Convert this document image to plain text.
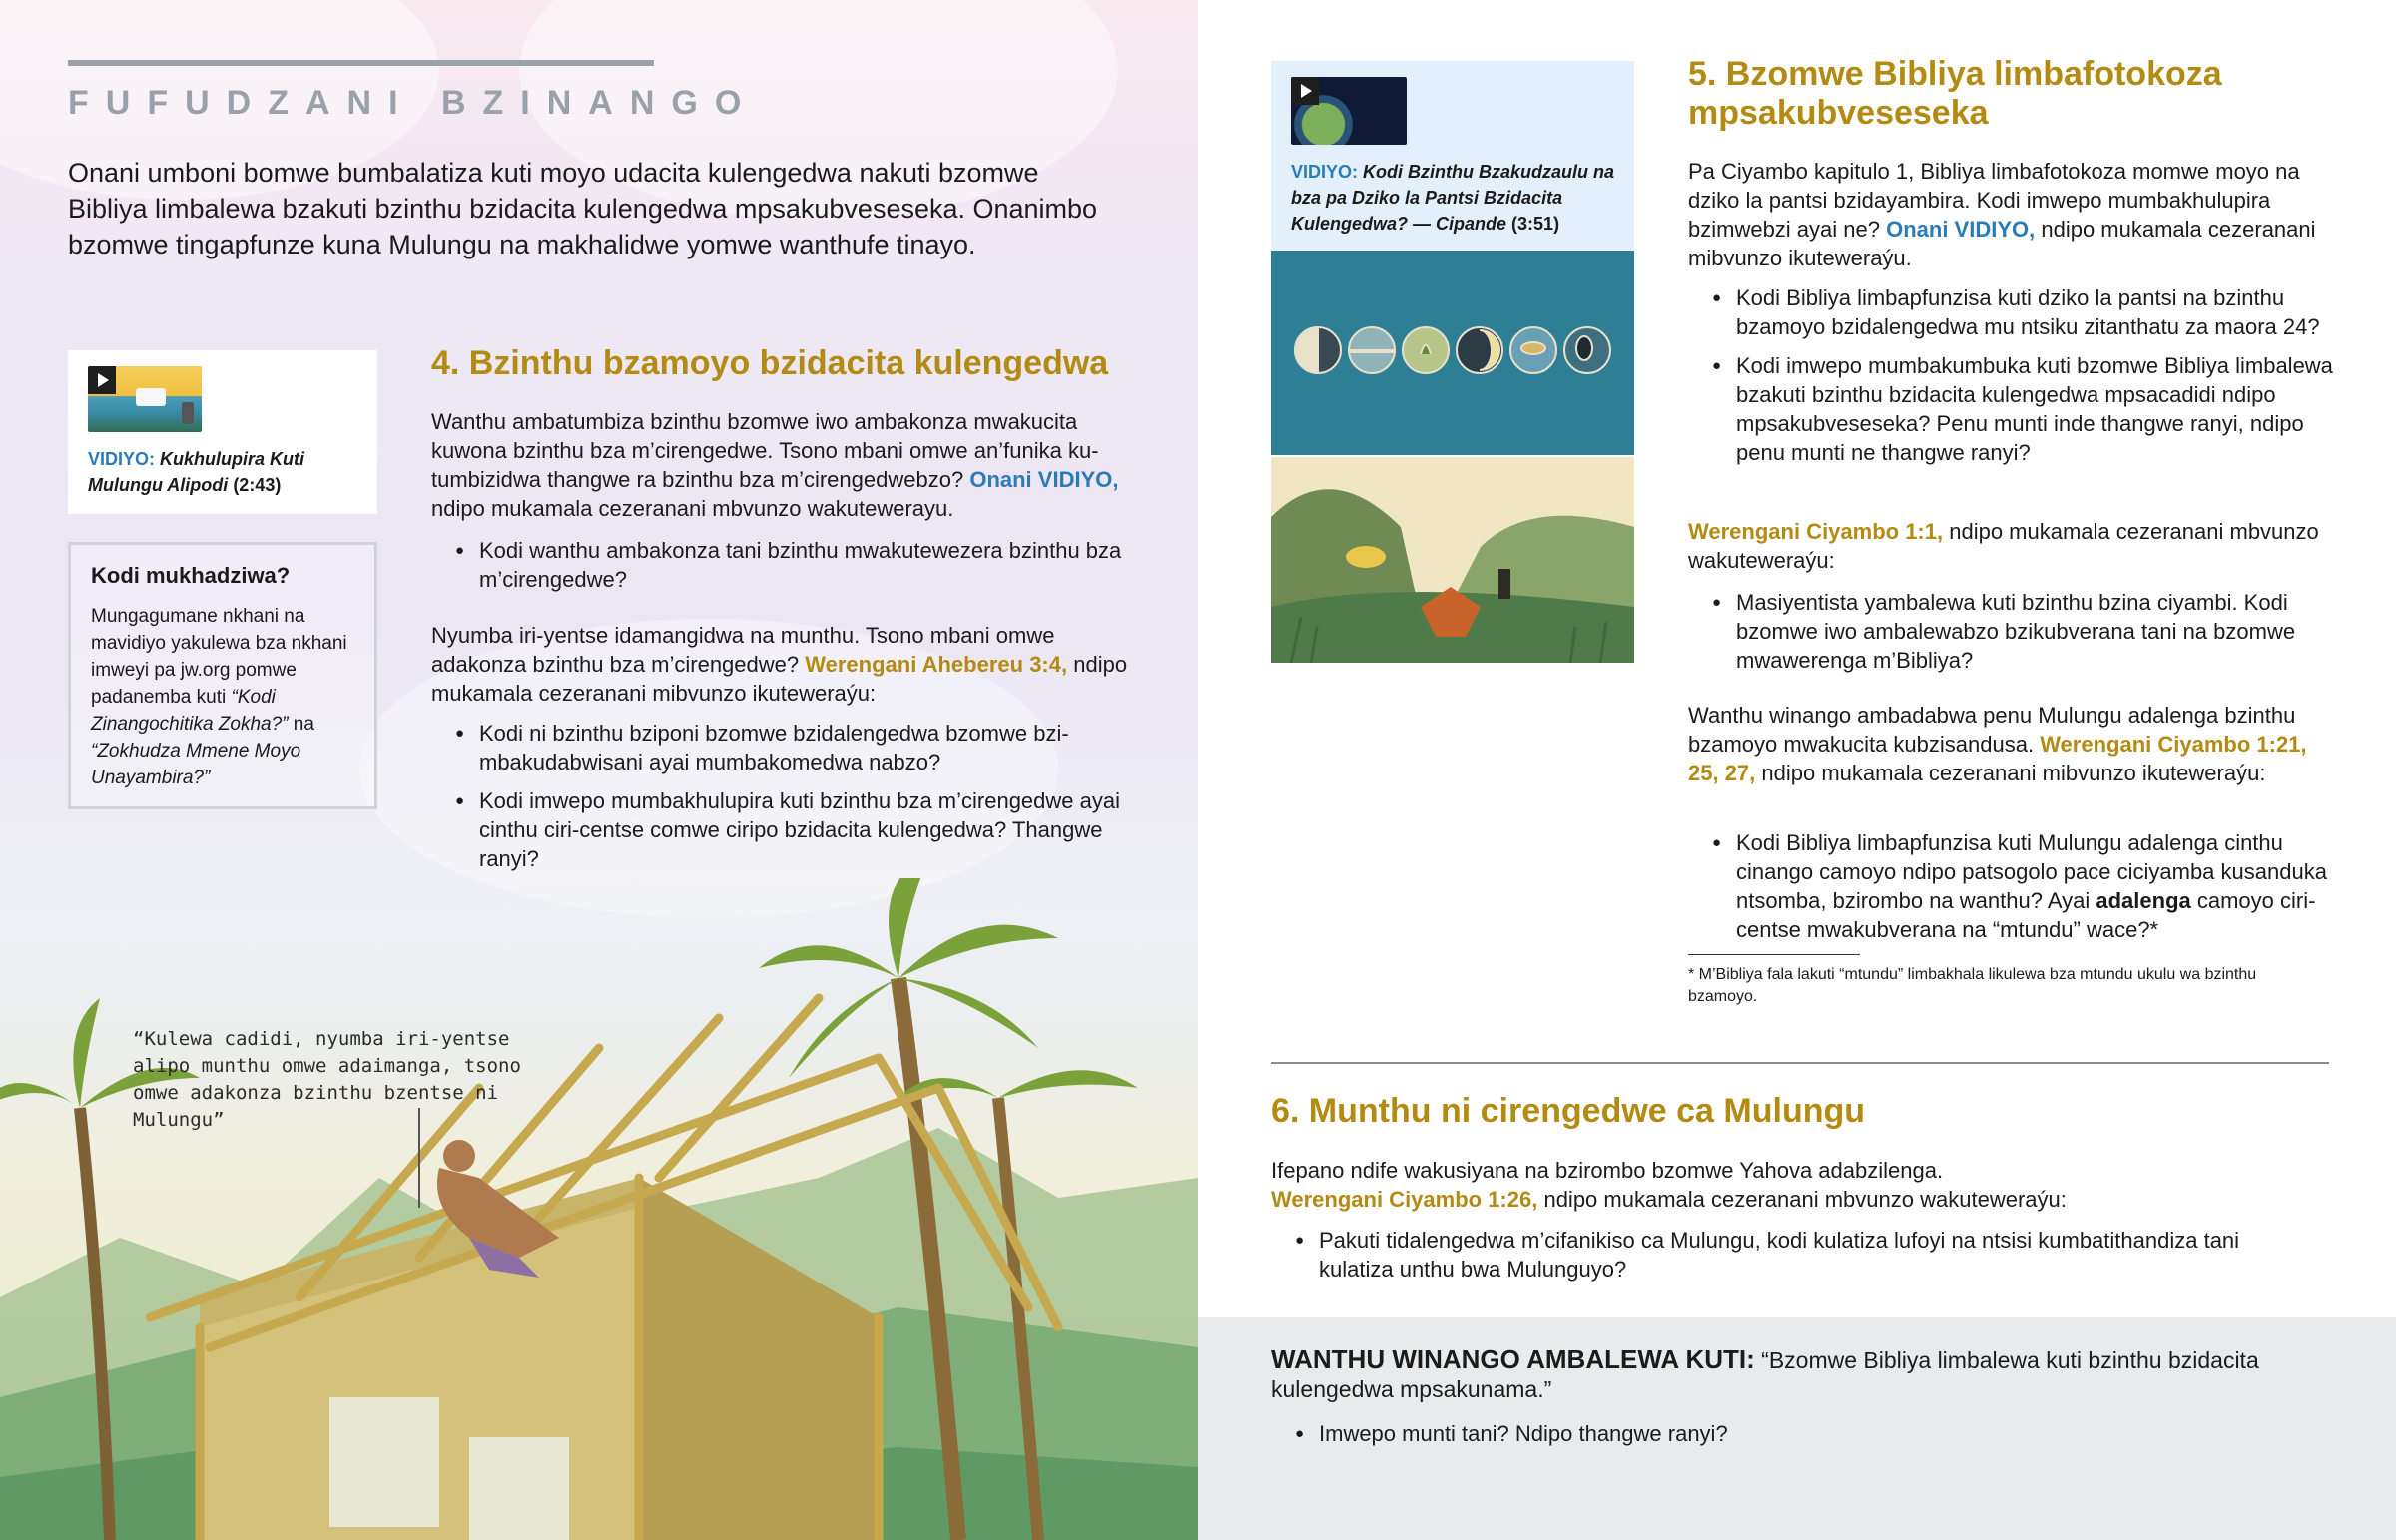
FUFUDZANI BZINANGO

Onani umboni bomwe bumbalatiza kuti moyo udacita kulengedwa nakuti bzomwe Bibliya limbalewa bzakuti bzinthu bzidacita kulengedwa mpsakubveseseka. Onanimbo bzomwe tingapfunze kuna Mulungu na makhalidwe yomwe wanthufe tinayo.

VIDIYO: Kukhulupira Kuti Mulungu Alipodi (2:43)
Kodi mukhadziwa?

Mungagumane nkhani na mavidiyo yakulewa bza nkhani imweyi pa jw.org pomwe padanemba kuti “Kodi Zinangochitika Zokha?” na “Zokhudza Mmene Moyo Unayambira?”

4. Bzinthu bzamoyo bzidacita kulengedwa

Wanthu ambatumbiza bzinthu bzomwe iwo ambakonza mwakucita kuwona bzinthu bza m’cirengedwe. Tsono mbani omwe an’funika kutumbizidwa thangwe ra bzinthu bza m’cirengedwebzo? Onani VIDIYO, ndipo mukamala cezeranani mbvunzo wakutewerayu.

● Kodi wanthu ambakonza tani bzinthu mwakutewezera bzinthu bza m’cirengedwe?

Nyumba iri-yentse idamangidwa na munthu. Tsono mbani omwe adakonza bzinthu bza m’cirengedwe? Werengani Ahebereu 3:4, ndipo mukamala cezeranani mibvunzo ikuteweraýu:

● Kodi ni bzinthu bziponi bzomwe bzidalengedwa bzomwe bzimbakudabwisani ayai mumbakomedwa nabzo?
● Kodi imwepo mumbakhulupira kuti bzinthu bza m’cirengedwe ayai cinthu ciri-centse comwe ciripo bzidacita kulengedwa? Thangwe ranyi?

“Kulewa cadidi, nyumba iri-yentse alipo munthu omwe adaimanga, tsono omwe adakonza bzinthu bzentse ni Mulungu”

VIDIYO: Kodi Bzinthu Bzakudzaulu na bza pa Dziko la Pantsi Bzidacita Kulengedwa? — Cipande (3:51)
5. Bzomwe Bibliya limbafotokoza mpsakubveseseka

Pa Ciyambo kapitulo 1, Bibliya limbafotokoza momwe moyo na dziko la pantsi bzidayambira. Kodi imwepo mumbakhulupira bzimwebzi ayai ne? Onani VIDIYO, ndipo mukamala cezeranani mibvunzo ikuteweraýu.

● Kodi Bibliya limbapfunzisa kuti dziko la pantsi na bzinthu bzamoyo bzidalengedwa mu ntsiku zitanthatu za maora 24?
● Kodi imwepo mumbakumbuka kuti bzomwe Bibliya limbalewa bzakuti bzinthu bzidacita kulengedwa mpsacadidi ndipo mpsakubveseseka? Penu munti inde thangwe ranyi, ndipo penu munti ne thangwe ranyi?

Werengani Ciyambo 1:1, ndipo mukamala cezeranani mbvunzo wakuteweraýu:

● Masiyentista yambalewa kuti bzinthu bzina ciyambi. Kodi bzomwe iwo ambalewabzo bzikubverana tani na bzomwe mwawerenga m’Bibliya?

Wanthu winango ambadabwa penu Mulungu adalenga bzinthu bzamoyo mwakucita kubzisandusa. Werengani Ciyambo 1:21, 25, 27, ndipo mukamala cezeranani mibvunzo ikuteweraýu:

● Kodi Bibliya limbapfunzisa kuti Mulungu adalenga cinthu cinango camoyo ndipo patsogolo pace ciciyamba kusanduka ntsomba, bzirombo na wanthu? Ayai adalenga camoyo ciri-centse mwakubverana na “mtundu” wace?*

* M’Bibliya fala lakuti “mtundu” limbakhala likulewa bza mtundu ukulu wa bzinthu bzamoyo.

6. Munthu ni cirengedwe ca Mulungu

Ifepano ndife wakusiyana na bzirombo bzomwe Yahova adabzilenga.
Werengani Ciyambo 1:26, ndipo mukamala cezeranani mbvunzo wakuteweraýu:

● Pakuti tidalengedwa m’cifanikiso ca Mulungu, kodi kulatiza lufoyi na ntsisi kumbatithandiza tani kulatiza unthu bwa Mulunguyo?

WANTHU WINANGO AMBALEWA KUTI: “Bzomwe Bibliya limbalewa kuti bzinthu bzidacita kulengedwa mpsakunama.”

● Imwepo munti tani? Ndipo thangwe ranyi?
